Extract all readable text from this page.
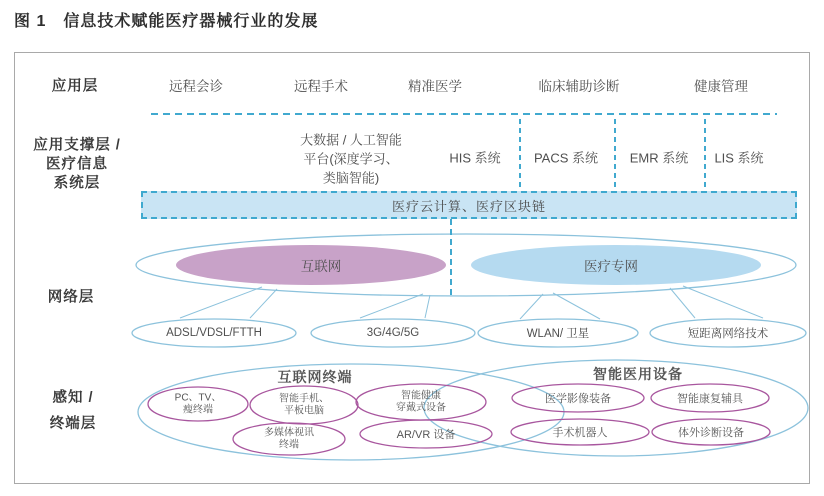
图 1　信息技术赋能医疗器械行业的发展
应用层	远程会诊	远程手术	精准医学	临床辅助诊断	健康管理
应用支撑层 /
医疗信息
系统层
大数据 / 人工智能
平台(深度学习、
类脑智能)
HIS 系统	PACS 系统 EMR 系统 LIS 系统
医疗云计算、医疗区块链
网络层
互联网	医疗专网
ADSL/VDSL/FTTH	3G/4G/5G	WLAN/ 卫星	短距离网络技术
感知 /
终端层
互联网终端	智能医用设备
PC、TV、
瘦终端
智能手机、
平板电脑
多媒体视讯
终端
智能健康
穿戴式设备
AR/VR 设备
医学影像装备	智能康复辅具
手术机器人	体外诊断设备
